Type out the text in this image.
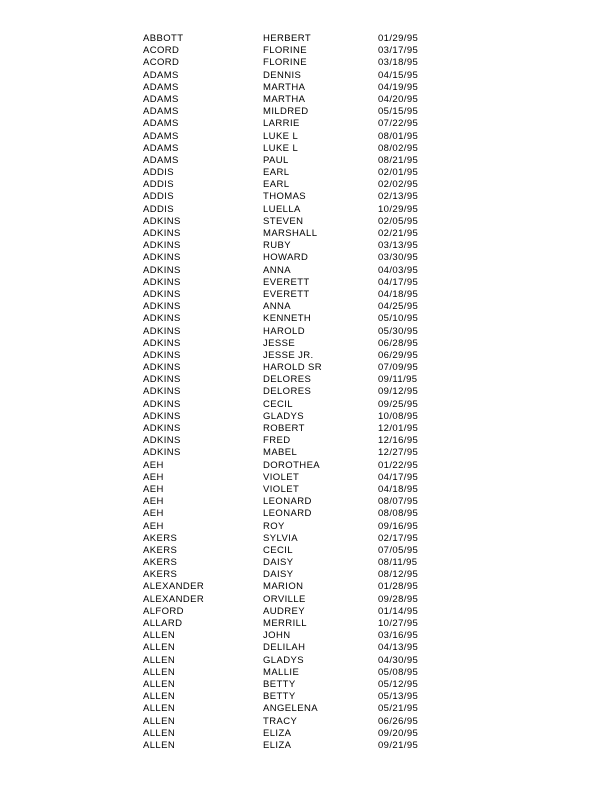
ABBOTT	HERBERT	01/29/95
ACORD	FLORINE	03/17/95
ACORD	FLORINE	03/18/95
ADAMS	DENNIS	04/15/95
ADAMS	MARTHA	04/19/95
ADAMS	MARTHA	04/20/95
ADAMS	MILDRED	05/15/95
ADAMS	LARRIE	07/22/95
ADAMS	LUKE L	08/01/95
ADAMS	LUKE L	08/02/95
ADAMS	PAUL	08/21/95
ADDIS	EARL	02/01/95
ADDIS	EARL	02/02/95
ADDIS	THOMAS	02/13/95
ADDIS	LUELLA	10/29/95
ADKINS	STEVEN	02/05/95
ADKINS	MARSHALL	02/21/95
ADKINS	RUBY	03/13/95
ADKINS	HOWARD	03/30/95
ADKINS	ANNA	04/03/95
ADKINS	EVERETT	04/17/95
ADKINS	EVERETT	04/18/95
ADKINS	ANNA	04/25/95
ADKINS	KENNETH	05/10/95
ADKINS	HAROLD	05/30/95
ADKINS	JESSE	06/28/95
ADKINS	JESSE JR.	06/29/95
ADKINS	HAROLD SR	07/09/95
ADKINS	DELORES	09/11/95
ADKINS	DELORES	09/12/95
ADKINS	CECIL	09/25/95
ADKINS	GLADYS	10/08/95
ADKINS	ROBERT	12/01/95
ADKINS	FRED	12/16/95
ADKINS	MABEL	12/27/95
AEH	DOROTHEA	01/22/95
AEH	VIOLET	04/17/95
AEH	VIOLET	04/18/95
AEH	LEONARD	08/07/95
AEH	LEONARD	08/08/95
AEH	ROY	09/16/95
AKERS	SYLVIA	02/17/95
AKERS	CECIL	07/05/95
AKERS	DAISY	08/11/95
AKERS	DAISY	08/12/95
ALEXANDER	MARION	01/28/95
ALEXANDER	ORVILLE	09/28/95
ALFORD	AUDREY	01/14/95
ALLARD	MERRILL	10/27/95
ALLEN	JOHN	03/16/95
ALLEN	DELILAH	04/13/95
ALLEN	GLADYS	04/30/95
ALLEN	MALLIE	05/08/95
ALLEN	BETTY	05/12/95
ALLEN	BETTY	05/13/95
ALLEN	ANGELENA	05/21/95
ALLEN	TRACY	06/26/95
ALLEN	ELIZA	09/20/95
ALLEN	ELIZA	09/21/95
